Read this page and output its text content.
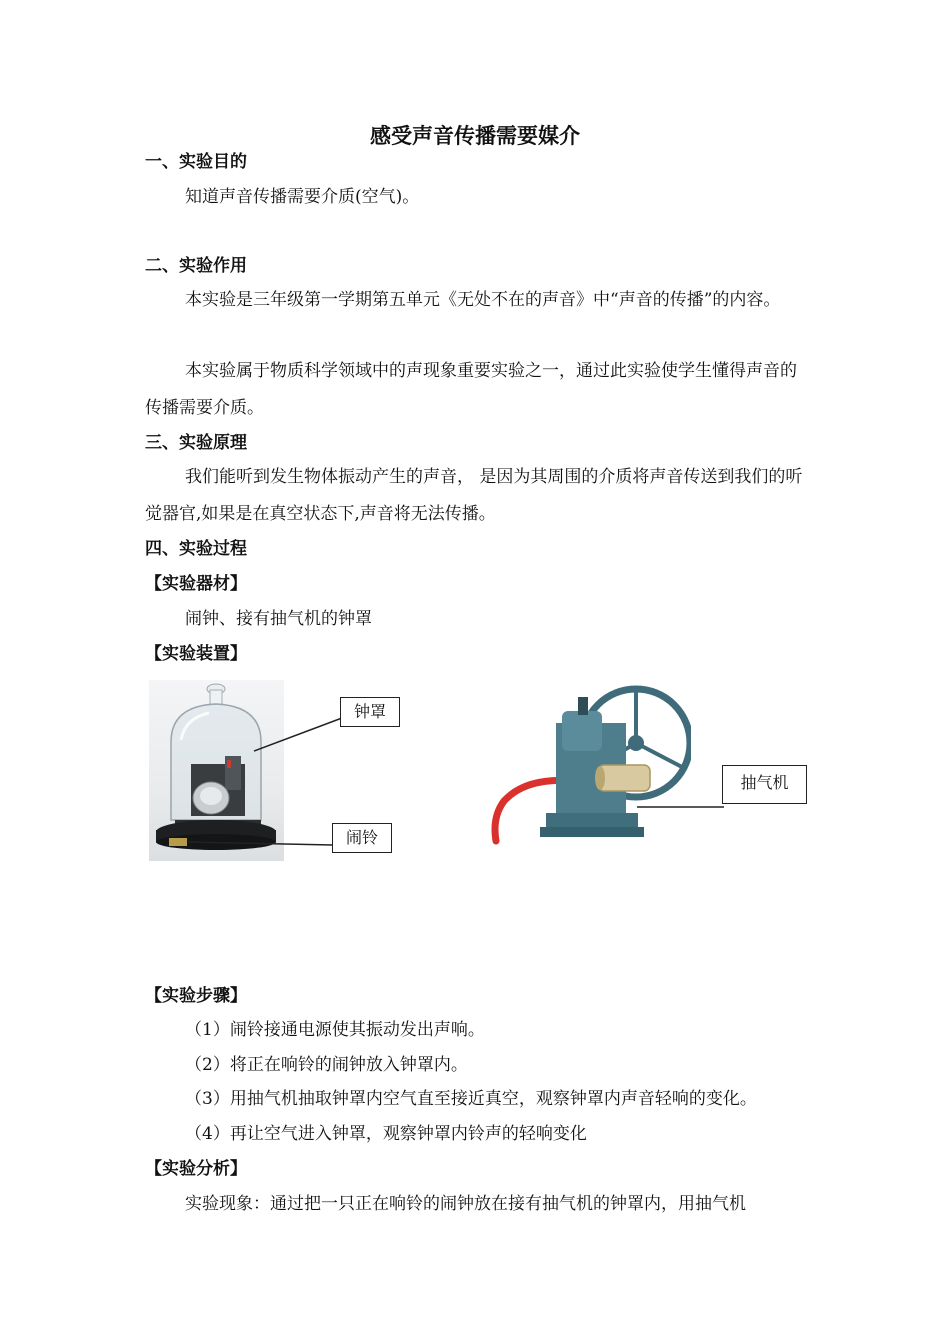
感受声音传播需要媒介
一、实验目的

知道声音传播需要介质(空气)。

二、实验作用

本实验是三年级第一学期第五单元《无处不在的声音》中“声音的传播”的内容。

本实验属于物质科学领域中的声现象重要实验之一，通过此实验使学生懂得声音的传播需要介质。

三、实验原理

我们能听到发生物体振动产生的声音， 是因为其周围的介质将声音传送到我们的听觉器官,如果是在真空状态下,声音将无法传播。

四、实验过程
【实验器材】

闹钟、接有抽气机的钟罩

【实验装置】
钟罩
闹铃
抽气机
【实验步骤】
（1）闹铃接通电源使其振动发出声响。
（2）将正在响铃的闹钟放入钟罩内。
（3）用抽气机抽取钟罩内空气直至接近真空，观察钟罩内声音轻响的变化。
（4）再让空气进入钟罩，观察钟罩内铃声的轻响变化
【实验分析】

实验现象：通过把一只正在响铃的闹钟放在接有抽气机的钟罩内，用抽气机
